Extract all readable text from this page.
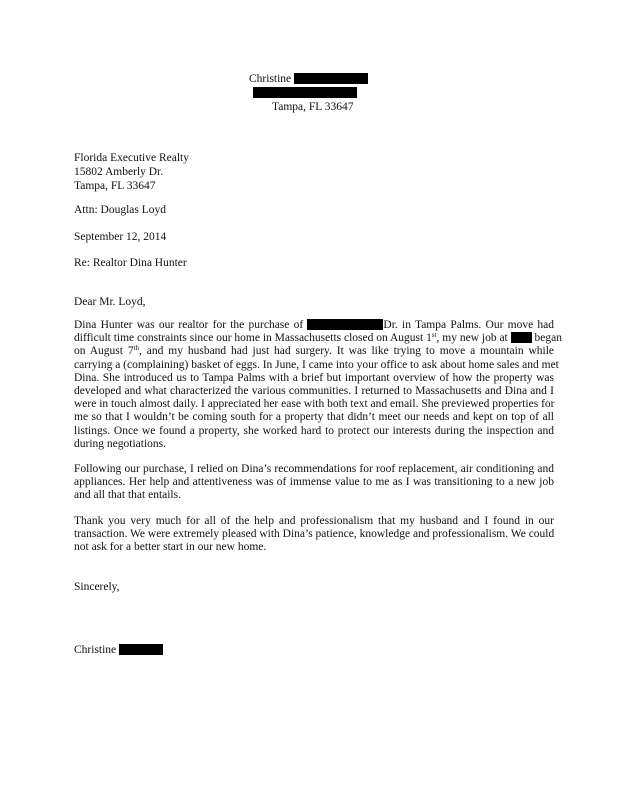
Christine
Tampa, FL 33647
Florida Executive Realty
15802 Amberly Dr.
Tampa, FL 33647
Attn: Douglas Loyd
September 12, 2014
Re: Realtor Dina Hunter
Dear Mr. Loyd,
Dina Hunter was our realtor for the purchase of	Dr. in Tampa Palms. Our move had
difficult time constraints since our home in Massachusetts closed on August 1st, my new job at began
on August 7th, and my husband had just had surgery. It was like trying to move a mountain while
carrying a (complaining) basket of eggs. In June, I came into your office to ask about home sales and met
Dina. She introduced us to Tampa Palms with a brief but important overview of how the property was
developed and what characterized the various communities. I returned to Massachusetts and Dina and I
were in touch almost daily. I appreciated her ease with both text and email. She previewed properties for
me so that I wouldn’t be coming south for a property that didn’t meet our needs and kept on top of all
listings. Once we found a property, she worked hard to protect our interests during the inspection and
during negotiations.
Following our purchase, I relied on Dina’s recommendations for roof replacement, air conditioning and
appliances. Her help and attentiveness was of immense value to me as I was transitioning to a new job
and all that that entails.
Thank you very much for all of the help and professionalism that my husband and I found in our
transaction. We were extremely pleased with Dina’s patience, knowledge and professionalism. We could
not ask for a better start in our new home.
Sincerely,
Christine
